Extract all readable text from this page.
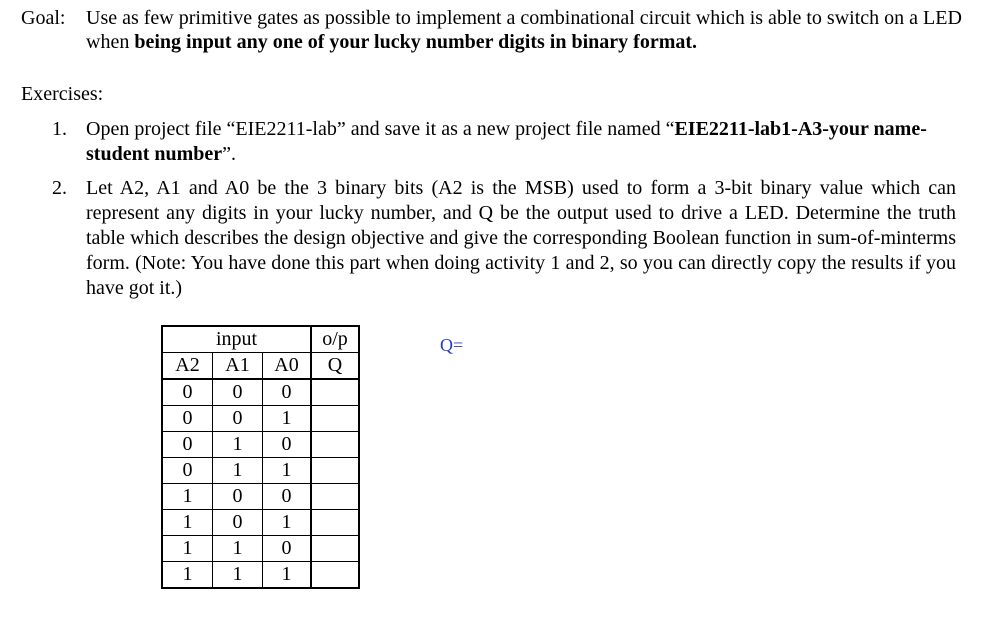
Goal: Use as few primitive gates as possible to implement a combinational circuit which is able to switch on a LED when being input any one of your lucky number digits in binary format.
Exercises:
1. Open project file “EIE2211-lab” and save it as a new project file named “EIE2211-lab1-A3-your name-student number”.
2. Let A2, A1 and A0 be the 3 binary bits (A2 is the MSB) used to form a 3-bit binary value which can represent any digits in your lucky number, and Q be the output used to drive a LED. Determine the truth table which describes the design objective and give the corresponding Boolean function in sum-of-minterms form. (Note: You have done this part when doing activity 1 and 2, so you can directly copy the results if you have got it.)
input			o/p
A2	A1	A0	Q
0	0	0	
0	0	1	
0	1	0	
0	1	1	
1	0	0	
1	0	1	
1	1	0	
1	1	1	
Q=
